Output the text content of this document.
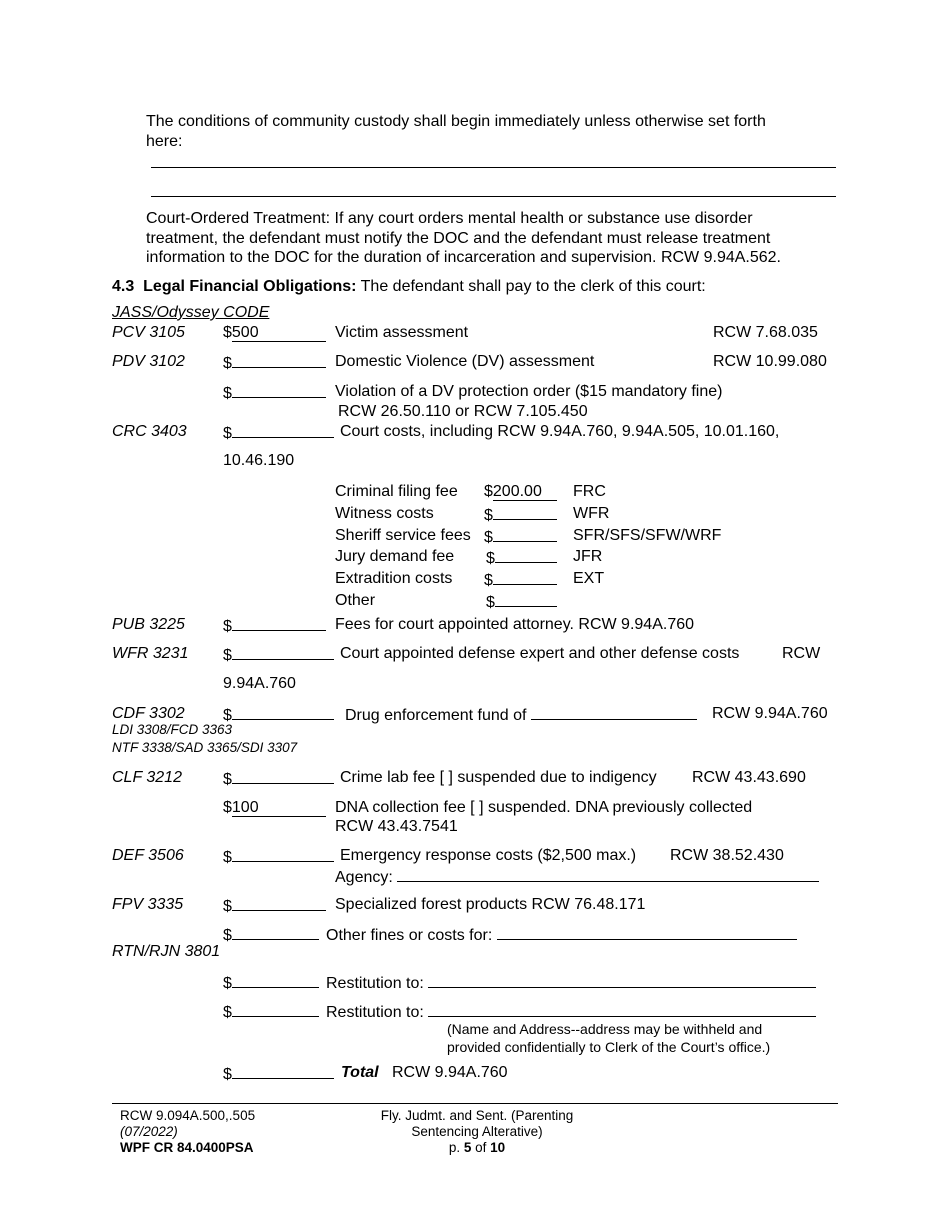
The conditions of community custody shall begin immediately unless otherwise set forth
here:
Court-Ordered Treatment: If any court orders mental health or substance use disorder
treatment, the defendant must notify the DOC and the defendant must release treatment
information to the DOC for the duration of incarceration and supervision. RCW 9.94A.562.
4.3 Legal Financial Obligations: The defendant shall pay to the clerk of this court:
JASS/Odyssey CODE
PCV 3105 $500	Victim assessment	RCW 7.68.035
PDV 3102 $	Domestic Violence (DV) assessment	RCW 10.99.080
$	Violation of a DV protection order ($15 mandatory fine)
RCW 26.50.110 or RCW 7.105.450
CRC 3403 $	Court costs, including RCW 9.94A.760, 9.94A.505, 10.01.160,
10.46.190
Criminal filing fee $200.00	FRC
Witness costs	$	WFR
Sheriff service fees $	SFR/SFS/SFW/WRF
Jury demand fee $	JFR
Extradition costs $	EXT
Other	$
PUB 3225 $	Fees for court appointed attorney. RCW 9.94A.760
WFR 3231 $	Court appointed defense expert and other defense costs	RCW
9.94A.760
CDF 3302 $	Drug enforcement fund of	RCW 9.94A.760
LDI 3308/FCD 3363
NTF 3338/SAD 3365/SDI 3307
CLF 3212	$	Crime lab fee [ ] suspended due to indigency RCW 43.43.690
$100	DNA collection fee [ ] suspended. DNA previously collected
RCW 43.43.7541
DEF 3506 $	Emergency response costs ($2,500 max.) RCW 38.52.430
Agency:
FPV 3335 $	Specialized forest products RCW 76.48.171
$	Other fines or costs for:
RTN/RJN 3801
$	Restitution to:
$	Restitution to:
(Name and Address--address may be withheld and
provided confidentially to Clerk of the Court’s office.)
$	Total RCW 9.94A.760
RCW 9.094A.500,.505
(07/2022)
WPF CR 84.0400PSA
Fly. Judmt. and Sent. (Parenting
Sentencing Alterative)
p. 5 of 10
